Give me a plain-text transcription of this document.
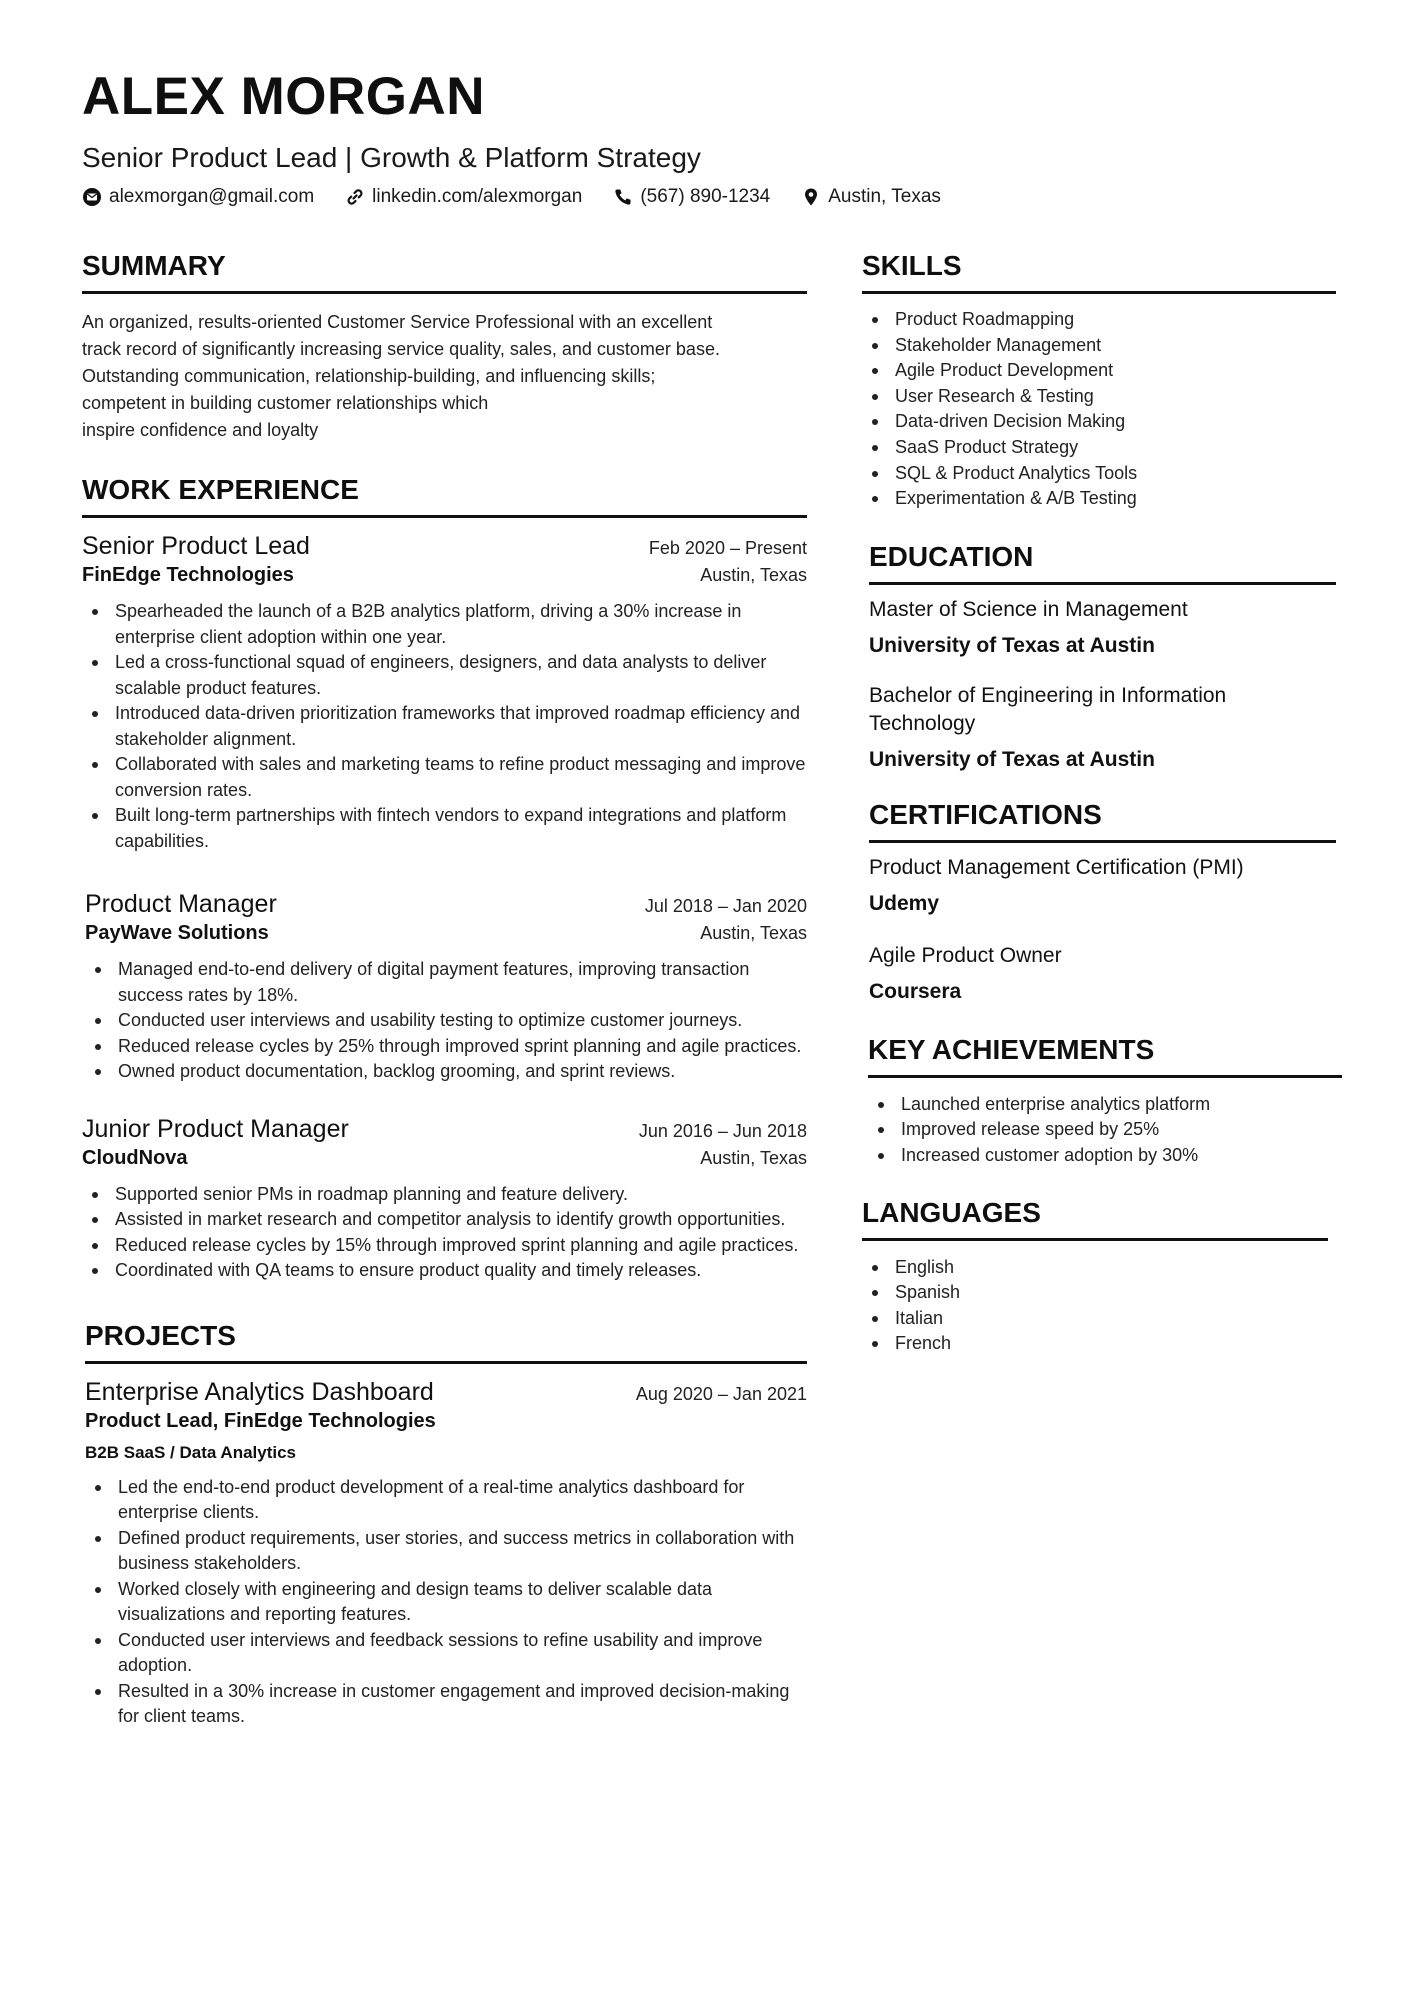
ALEX MORGAN
Senior Product Lead | Growth & Platform Strategy
alexmorgan@gmail.com	linkedin.com/alexmorgan	(567) 890-1234	Austin, Texas
SUMMARY
An organized, results-oriented Customer Service Professional with an excellent
track record of significantly increasing service quality, sales, and customer base.
Outstanding communication, relationship-building, and influencing skills;
competent in building customer relationships which
inspire confidence and loyalty
WORK EXPERIENCE
Senior Product Lead	Feb 2020 – Present
FinEdge Technologies	Austin, Texas
Spearheaded the launch of a B2B analytics platform, driving a 30% increase in enterprise client adoption within one year.
Led a cross-functional squad of engineers, designers, and data analysts to deliver scalable product features.
Introduced data-driven prioritization frameworks that improved roadmap efficiency and stakeholder alignment.
Collaborated with sales and marketing teams to refine product messaging and improve conversion rates.
Built long-term partnerships with fintech vendors to expand integrations and platform capabilities.
Product Manager	Jul 2018 – Jan 2020
PayWave Solutions	Austin, Texas
Managed end-to-end delivery of digital payment features, improving transaction success rates by 18%.
Conducted user interviews and usability testing to optimize customer journeys.
Reduced release cycles by 25% through improved sprint planning and agile practices.
Owned product documentation, backlog grooming, and sprint reviews.
Junior Product Manager	Jun 2016 – Jun 2018
CloudNova	Austin, Texas
Supported senior PMs in roadmap planning and feature delivery.
Assisted in market research and competitor analysis to identify growth opportunities.
Reduced release cycles by 15% through improved sprint planning and agile practices.
Coordinated with QA teams to ensure product quality and timely releases.
PROJECTS
Enterprise Analytics Dashboard	Aug 2020 – Jan 2021
Product Lead, FinEdge Technologies
B2B SaaS / Data Analytics
Led the end-to-end product development of a real-time analytics dashboard for enterprise clients.
Defined product requirements, user stories, and success metrics in collaboration with business stakeholders.
Worked closely with engineering and design teams to deliver scalable data visualizations and reporting features.
Conducted user interviews and feedback sessions to refine usability and improve adoption.
Resulted in a 30% increase in customer engagement and improved decision-making for client teams.
SKILLS
Product Roadmapping
Stakeholder Management
Agile Product Development
User Research & Testing
Data-driven Decision Making
SaaS Product Strategy
SQL & Product Analytics Tools
Experimentation & A/B Testing
EDUCATION
Master of Science in Management
University of Texas at Austin
Bachelor of Engineering in Information Technology
University of Texas at Austin
CERTIFICATIONS
Product Management Certification (PMI)
Udemy
Agile Product Owner
Coursera
KEY ACHIEVEMENTS
Launched enterprise analytics platform
Improved release speed by 25%
Increased customer adoption by 30%
LANGUAGES
English
Spanish
Italian
French
